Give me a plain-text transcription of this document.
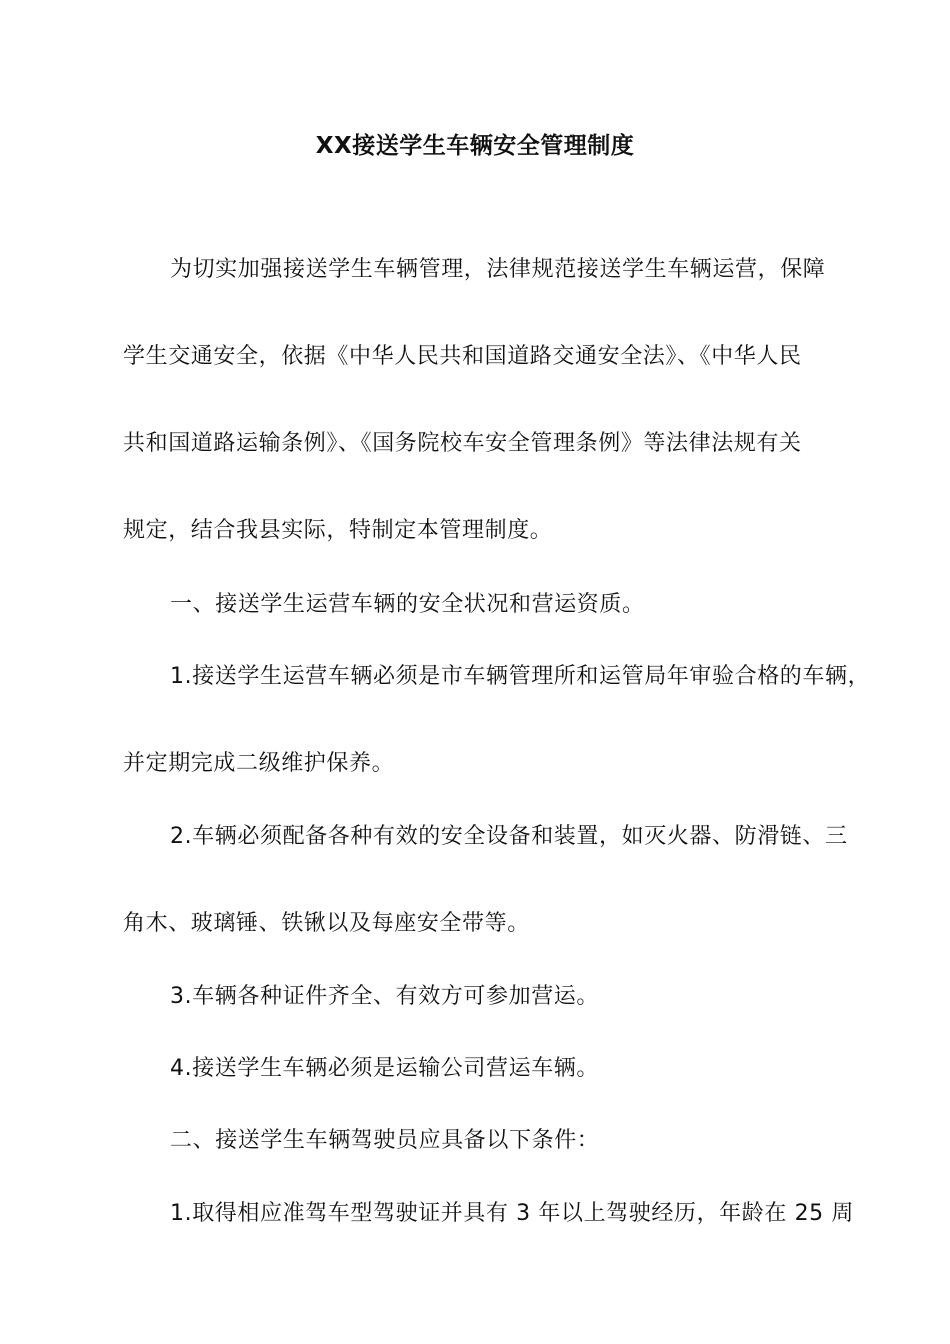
XX接送学生车辆安全管理制度
为切实加强接送学生车辆管理，法律规范接送学生车辆运营，保障
学生交通安全，依据《中华人民共和国道路交通安全法》、《中华人民
共和国道路运输条例》、《国务院校车安全管理条例》等法律法规有关
规定，结合我县实际，特制定本管理制度。
一、接送学生运营车辆的安全状况和营运资质。
1.接送学生运营车辆必须是市车辆管理所和运管局年审验合格的车辆，
并定期完成二级维护保养。
2.车辆必须配备各种有效的安全设备和装置，如灭火器、防滑链、三
角木、玻璃锤、铁锹以及每座安全带等。
3.车辆各种证件齐全、有效方可参加营运。
4.接送学生车辆必须是运输公司营运车辆。
二、接送学生车辆驾驶员应具备以下条件：
1.取得相应准驾车型驾驶证并具有 3 年以上驾驶经历，年龄在 25 周
